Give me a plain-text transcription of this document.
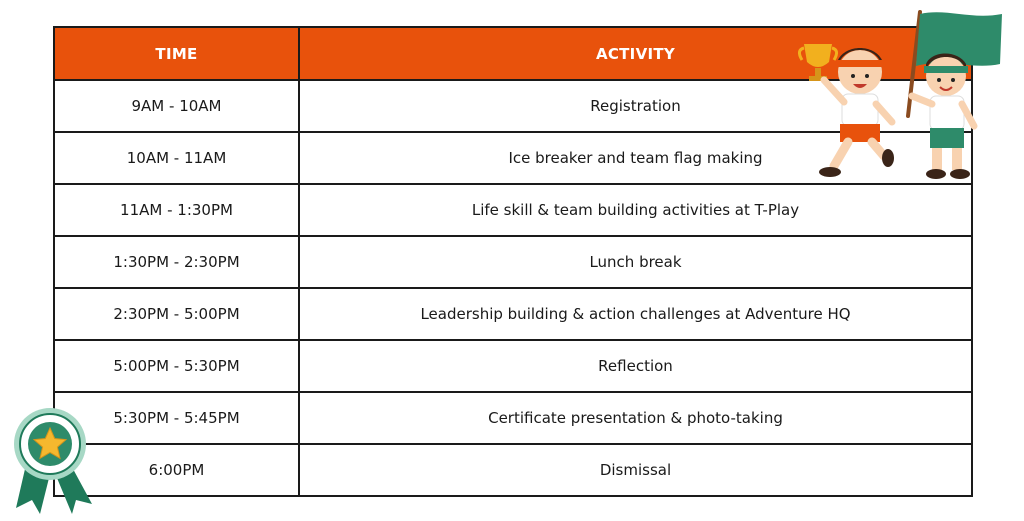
TIME	ACTIVITY
9AM - 10AM	Registration
10AM - 11AM	Ice breaker and team flag making
11AM - 1:30PM	Life skill & team building activities at T-Play
1:30PM - 2:30PM	Lunch break
2:30PM - 5:00PM	Leadership building & action challenges at Adventure HQ
5:00PM - 5:30PM	Reflection
5:30PM - 5:45PM	Certificate presentation & photo-taking
6:00PM	Dismissal
